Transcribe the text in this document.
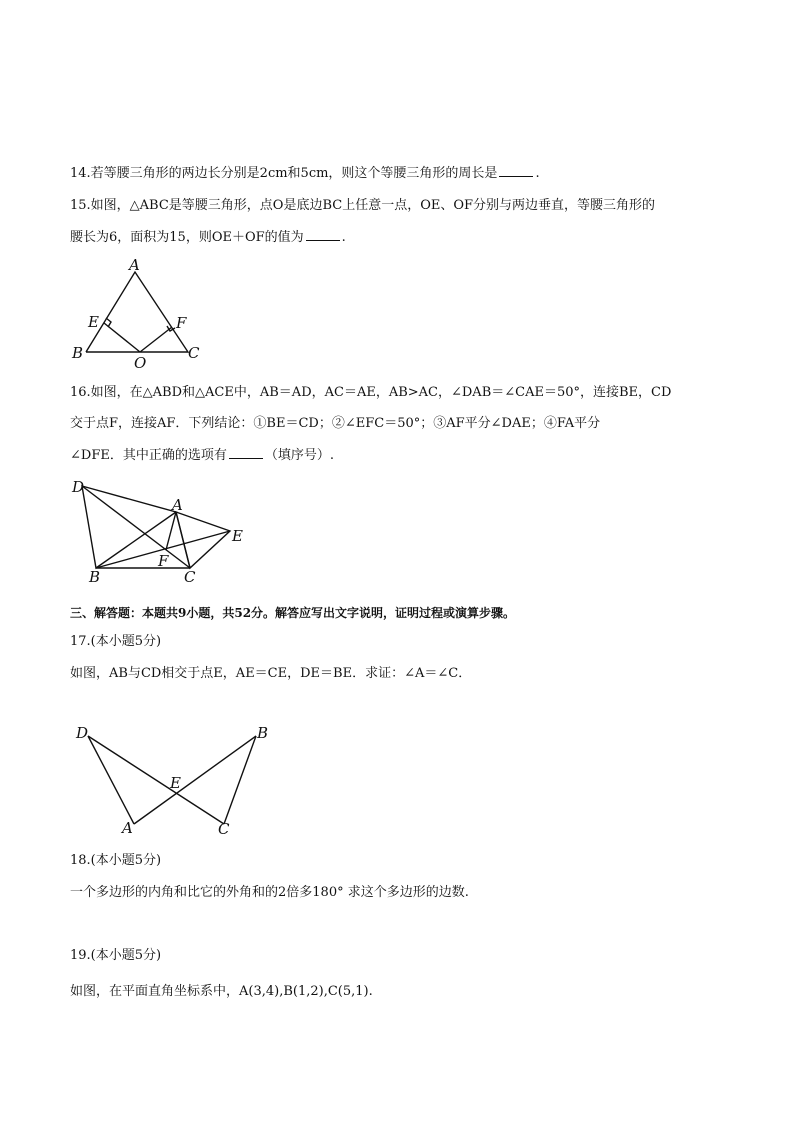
14.若等腰三角形的两边长分别是2cm和5cm，则这个等腰三角形的周长是	.
15.如图，△ABC是等腰三角形，点O是底边BC上任意一点，OE、OF分别与两边垂直，等腰三角形的
腰长为6，面积为15，则OE＋OF的值为	.
A
E	F
B
O
C
16.如图，在△ABD和△ACE中，AB＝AD，AC＝AE，AB>AC，∠DAB＝∠CAE＝50°，连接BE，CD
交于点F，连接AF．下列结论：①BE＝CD；②∠EFC＝50°；③AF平分∠DAE；④FA平分
∠DFE．其中正确的选项有	（填序号）.
D
A
E
F
B	C
三、解答题：本题共9小题，共52分。解答应写出文字说明，证明过程或演算步骤。
17.(本小题5分)
如图，AB与CD相交于点E，AE＝CE，DE＝BE．求证：∠A＝∠C．
D	B
E
A	C
18.(本小题5分)
一个多边形的内角和比它的外角和的2倍多180° 求这个多边形的边数.
19.(本小题5分)
如图，在平面直角坐标系中，A(3,4),B(1,2),C(5,1).
